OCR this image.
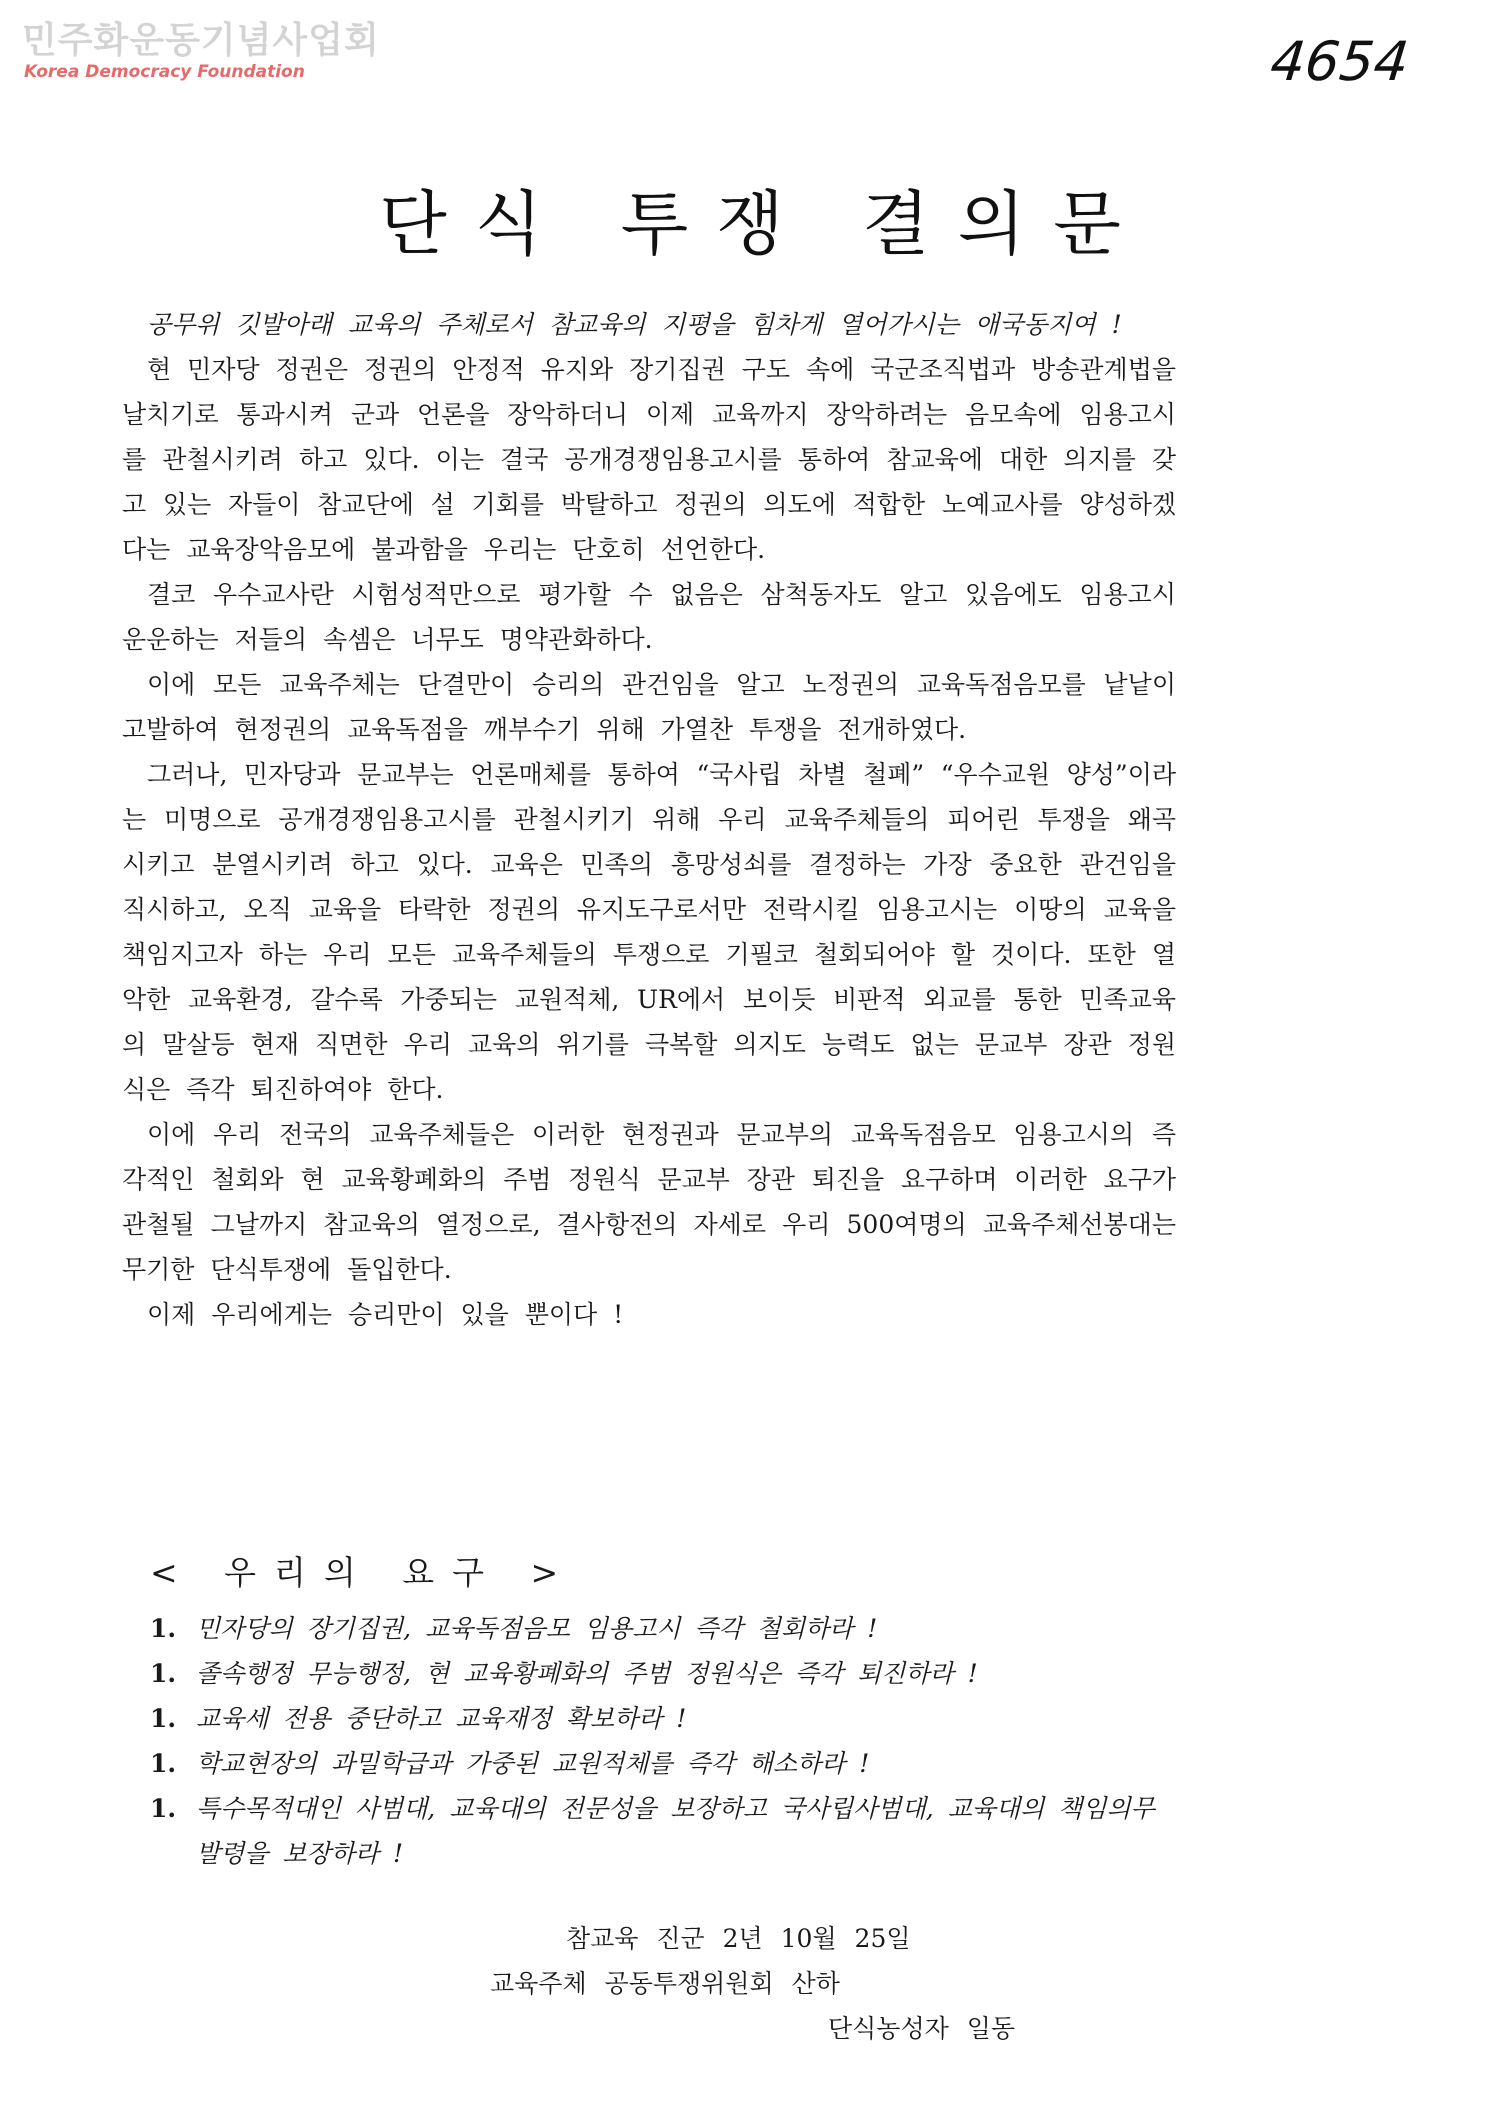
민주화운동기념사업회
Korea Democracy Foundation	4654
단식 투쟁 결의문

공무위 깃발아래 교육의 주체로서 참교육의 지평을 힘차게 열어가시는 애국동지여 !

현 민자당 정권은 정권의 안정적 유지와 장기집권 구도 속에 국군조직법과 방송관계법을 날치기로 통과시켜 군과 언론을 장악하더니 이제 교육까지 장악하려는 음모속에 임용고시를 관철시키려 하고 있다. 이는 결국 공개경쟁임용고시를 통하여 참교육에 대한 의지를 갖고 있는 자들이 참교단에 설 기회를 박탈하고 정권의 의도에 적합한 노예교사를 양성하겠다는 교육장악음모에 불과함을 우리는 단호히 선언한다.

결코 우수교사란 시험성적만으로 평가할 수 없음은 삼척동자도 알고 있음에도 임용고시 운운하는 저들의 속셈은 너무도 명약관화하다.

이에 모든 교육주체는 단결만이 승리의 관건임을 알고 노정권의 교육독점음모를 낱낱이 고발하여 현정권의 교육독점을 깨부수기 위해 가열찬 투쟁을 전개하였다.

그러나, 민자당과 문교부는 언론매체를 통하여 “국사립 차별 철폐” “우수교원 양성”이라는 미명으로 공개경쟁임용고시를 관철시키기 위해 우리 교육주체들의 피어린 투쟁을 왜곡시키고 분열시키려 하고 있다. 교육은 민족의 흥망성쇠를 결정하는 가장 중요한 관건임을 직시하고, 오직 교육을 타락한 정권의 유지도구로서만 전락시킬 임용고시는 이땅의 교육을 책임지고자 하는 우리 모든 교육주체들의 투쟁으로 기필코 철회되어야 할 것이다. 또한 열악한 교육환경, 갈수록 가중되는 교원적체, UR에서 보이듯 비판적 외교를 통한 민족교육의 말살등 현재 직면한 우리 교육의 위기를 극복할 의지도 능력도 없는 문교부 장관 정원식은 즉각 퇴진하여야 한다.

이에 우리 전국의 교육주체들은 이러한 현정권과 문교부의 교육독점음모 임용고시의 즉각적인 철회와 현 교육황폐화의 주범 정원식 문교부 장관 퇴진을 요구하며 이러한 요구가 관철될 그날까지 참교육의 열정으로, 결사항전의 자세로 우리 500여명의 교육주체선봉대는 무기한 단식투쟁에 돌입한다.

이제 우리에게는 승리만이 있을 뿐이다 !

< 우리의 요구 >
1. 민자당의 장기집권, 교육독점음모 임용고시 즉각 철회하라 !
1. 졸속행정 무능행정, 현 교육황폐화의 주범 정원식은 즉각 퇴진하라 !
1. 교육세 전용 중단하고 교육재정 확보하라 !
1. 학교현장의 과밀학급과 가중된 교원적체를 즉각 해소하라 !
1. 특수목적대인 사범대, 교육대의 전문성을 보장하고 국사립사범대, 교육대의 책임의무 발령을 보장하라 !
참교육 진군 2년 10월 25일
교육주체 공동투쟁위원회 산하
단식농성자 일동
